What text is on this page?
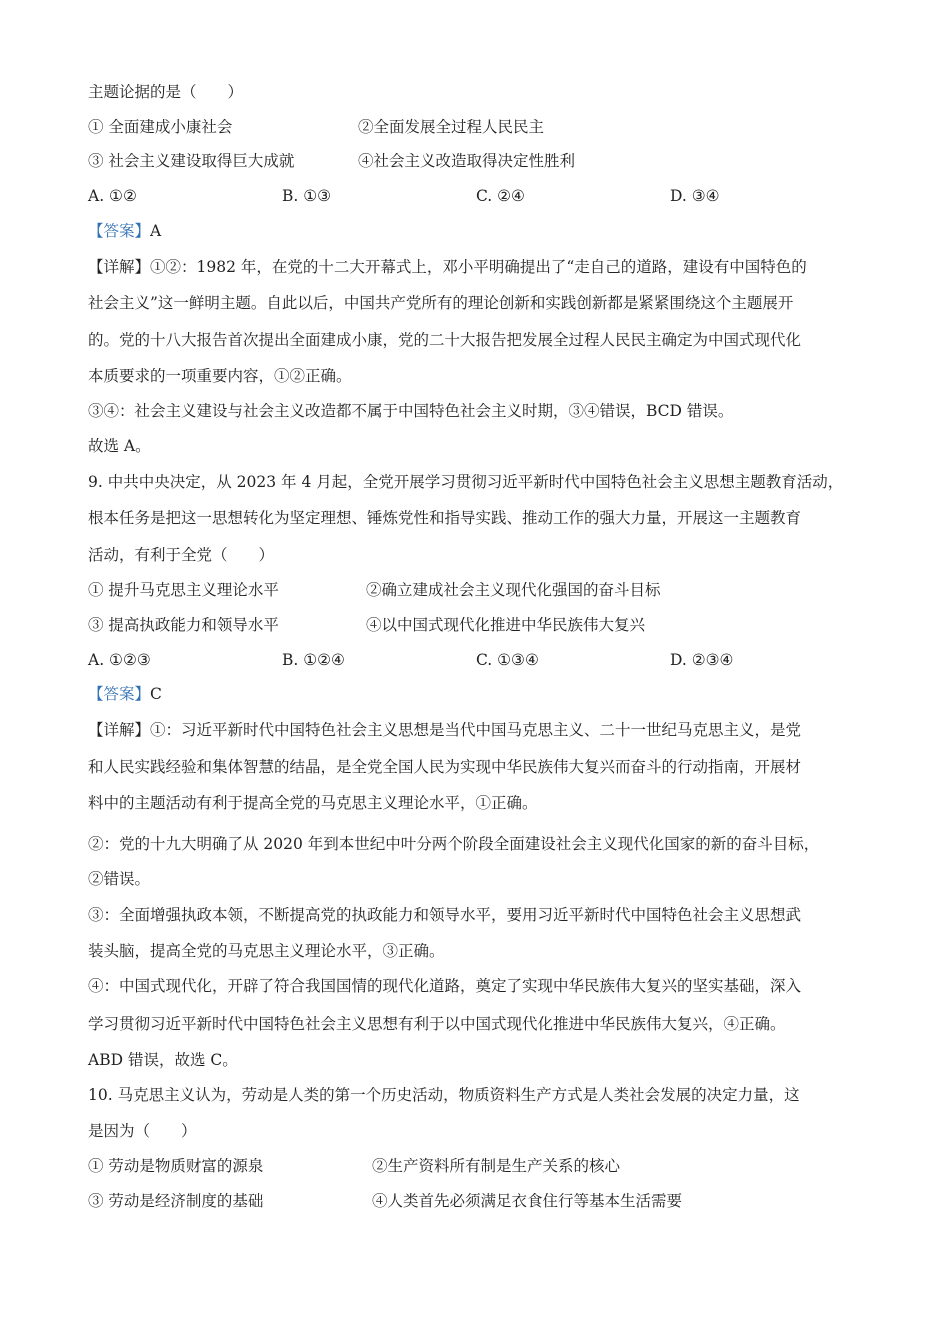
主题论据的是（　　）
① 全面建成小康社会	②全面发展全过程人民民主
③ 社会主义建设取得巨大成就	④社会主义改造取得决定性胜利
A. ①②	B. ①③	C. ②④	D. ③④
【答案】A
【详解】①②：1982 年，在党的十二大开幕式上，邓小平明确提出了“走自己的道路，建设有中国特色的
社会主义”这一鲜明主题。自此以后，中国共产党所有的理论创新和实践创新都是紧紧围绕这个主题展开
的。党的十八大报告首次提出全面建成小康，党的二十大报告把发展全过程人民民主确定为中国式现代化
本质要求的一项重要内容，①②正确。
③④：社会主义建设与社会主义改造都不属于中国特色社会主义时期，③④错误，BCD 错误。
故选 A。
9. 中共中央决定，从 2023 年 4 月起，全党开展学习贯彻习近平新时代中国特色社会主义思想主题教育活动，
根本任务是把这一思想转化为坚定理想、锤炼党性和指导实践、推动工作的强大力量，开展这一主题教育
活动，有利于全党（　　）
① 提升马克思主义理论水平	②确立建成社会主义现代化强国的奋斗目标
③ 提高执政能力和领导水平	④以中国式现代化推进中华民族伟大复兴
A. ①②③	B. ①②④	C. ①③④	D. ②③④
【答案】C
【详解】①：习近平新时代中国特色社会主义思想是当代中国马克思主义、二十一世纪马克思主义，是党
和人民实践经验和集体智慧的结晶，是全党全国人民为实现中华民族伟大复兴而奋斗的行动指南，开展材
料中的主题活动有利于提高全党的马克思主义理论水平，①正确。
②：党的十九大明确了从 2020 年到本世纪中叶分两个阶段全面建设社会主义现代化国家的新的奋斗目标，
②错误。
③：全面增强执政本领，不断提高党的执政能力和领导水平，要用习近平新时代中国特色社会主义思想武
装头脑，提高全党的马克思主义理论水平，③正确。
④：中国式现代化，开辟了符合我国国情的现代化道路，奠定了实现中华民族伟大复兴的坚实基础，深入
学习贯彻习近平新时代中国特色社会主义思想有利于以中国式现代化推进中华民族伟大复兴，④正确。
ABD 错误，故选 C。
10. 马克思主义认为，劳动是人类的第一个历史活动，物质资料生产方式是人类社会发展的决定力量，这
是因为（　　）
① 劳动是物质财富的源泉	②生产资料所有制是生产关系的核心
③ 劳动是经济制度的基础	④人类首先必须满足衣食住行等基本生活需要
